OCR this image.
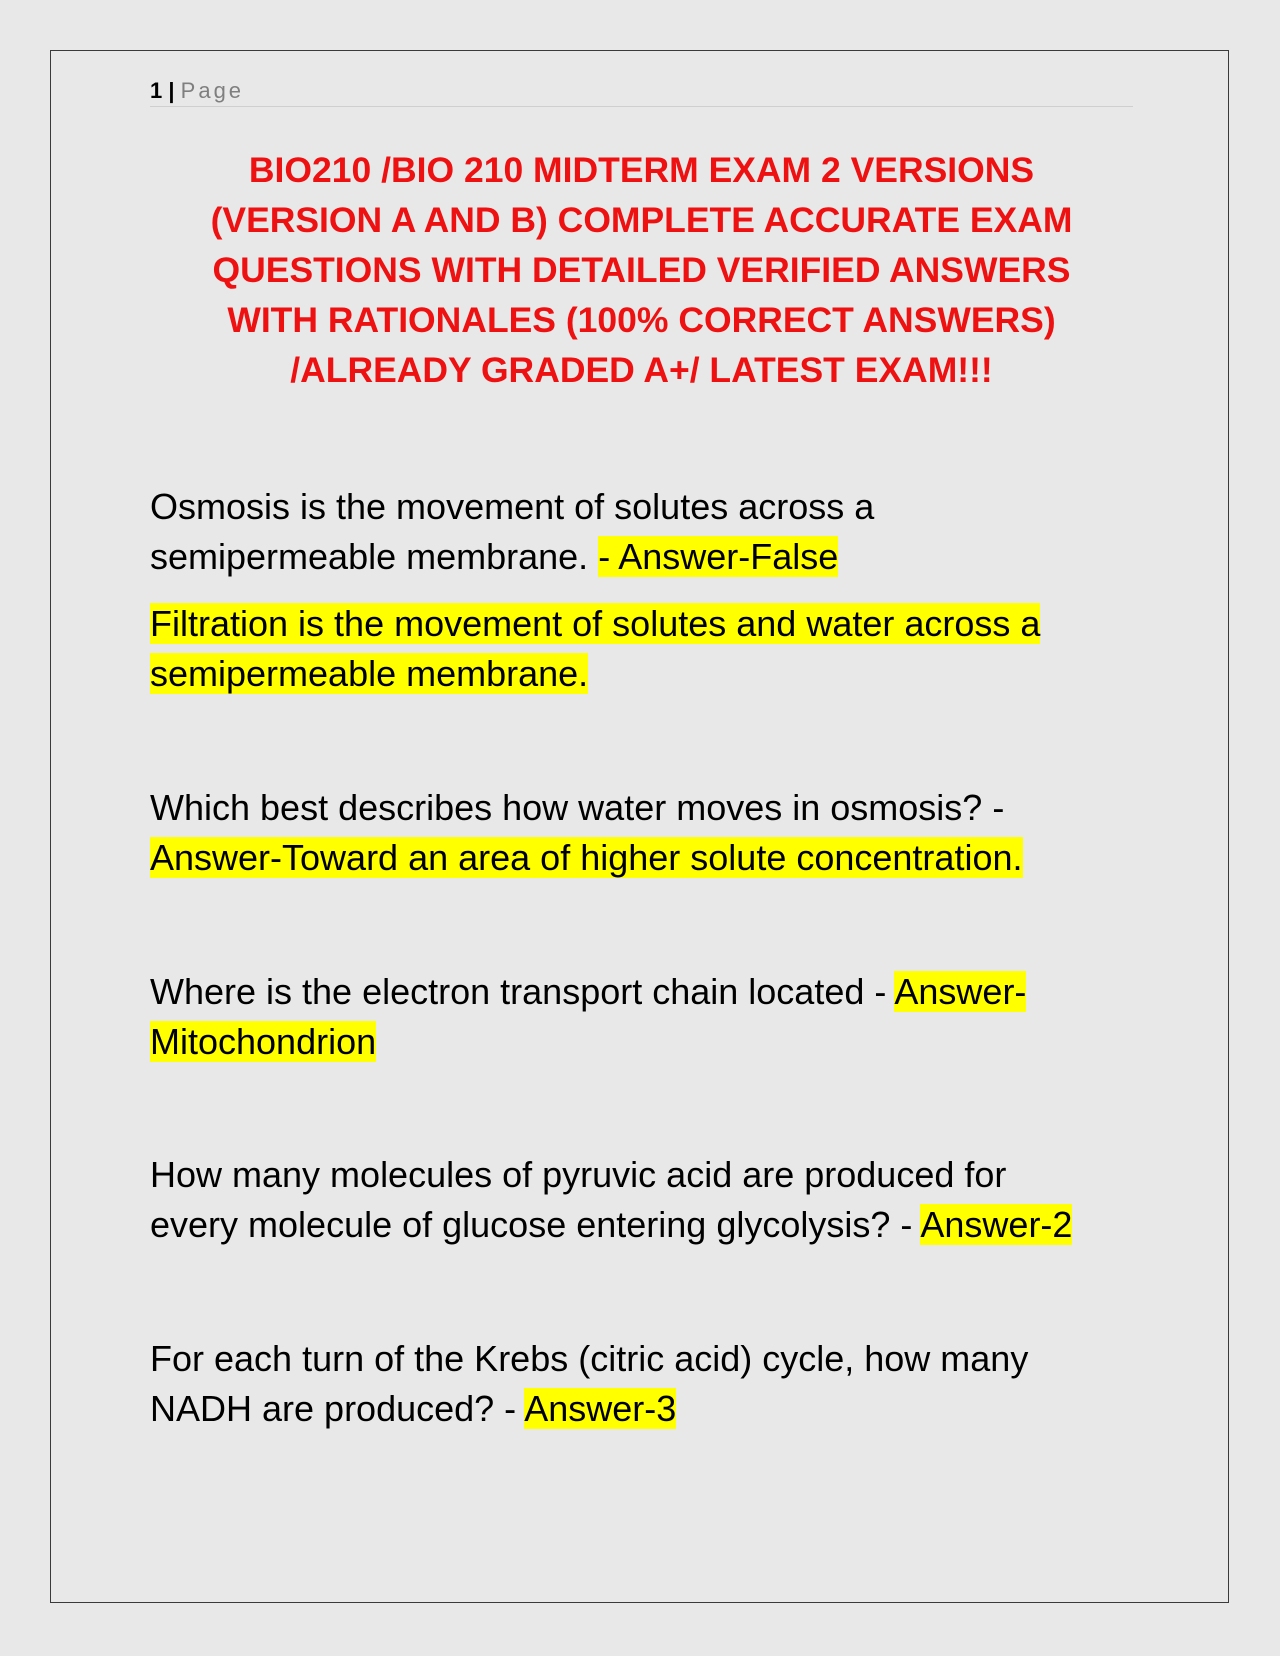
1 | Page
BIO210 /BIO 210 MIDTERM EXAM 2 VERSIONS
(VERSION A AND B) COMPLETE ACCURATE EXAM
QUESTIONS WITH DETAILED VERIFIED ANSWERS
WITH RATIONALES (100% CORRECT ANSWERS)
/ALREADY GRADED A+/ LATEST EXAM!!!
Osmosis is the movement of solutes across a
semipermeable membrane. - Answer-False
Filtration is the movement of solutes and water across a
semipermeable membrane.
Which best describes how water moves in osmosis? -
Answer-Toward an area of higher solute concentration.
Where is the electron transport chain located - Answer-
Mitochondrion
How many molecules of pyruvic acid are produced for
every molecule of glucose entering glycolysis? - Answer-2
For each turn of the Krebs (citric acid) cycle, how many
NADH are produced? - Answer-3
